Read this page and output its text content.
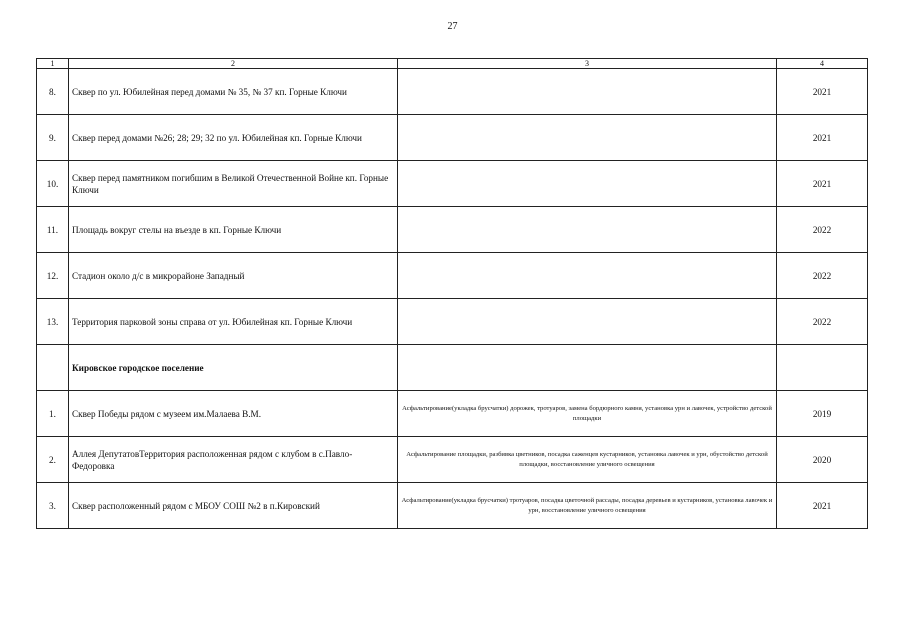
27
1	2	3	4
8.	Сквер по ул. Юбилейная перед домами № 35, № 37 кп. Горные Ключи		2021
9.	Сквер перед домами №26; 28; 29; 32 по ул. Юбилейная кп. Горные Ключи		2021
10.	Сквер перед памятником погибшим в Великой Отечественной Войне кп. Горные Ключи		2021
11.	Площадь вокруг стелы на въезде в кп. Горные Ключи		2022
12.	Стадион около д/с в микрорайоне Западный		2022
13.	Территория парковой зоны справа от ул. Юбилейная кп. Горные Ключи		2022
	Кировское городское поселение		
1.	Сквер Победы рядом с музеем им.Малаева В.М.	Асфальтирование(укладка брусчатки) дорожек, тротуаров, замена бордюрного камня, установка урн и лавочек, устройство детской площадки	2019
2.	Аллея ДепутатовТерритория расположенная рядом с клубом в с.Павло-Федоровка	Асфальтирование площадки, разбивка цветников, посадка саженцев кустарников, установка лавочек и урн, обустойство детской площадки, восстановление уличного освещения	2020
3.	Сквер расположенный рядом с МБОУ СОШ №2 в п.Кировский	Асфальтирование(укладка брусчатки) тротуаров, посадка цветочной рассады, посадка деревьев и кустарников, установка лавочек и урн, восстановление уличного освещения	2021
